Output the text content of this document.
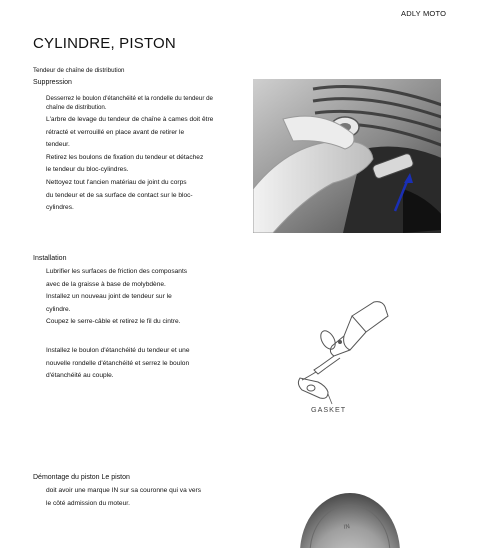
ADLY MOTO
CYLINDRE, PISTON
Tendeur de chaîne de distribution
Suppression

Desserrez le boulon d'étanchéité et la rondelle du tendeur de

chaîne de distribution.

L'arbre de levage du tendeur de chaîne à cames doit être

rétracté et verrouillé en place avant de retirer le

tendeur.

Retirez les boulons de fixation du tendeur et détachez

le tendeur du bloc-cylindres.

Nettoyez tout l'ancien matériau de joint du corps

du tendeur et de sa surface de contact sur le bloc-

cylindres.

Installation

Lubrifier les surfaces de friction des composants

avec de la graisse à base de molybdène.

Installez un nouveau joint de tendeur sur le

cylindre.

Coupez le serre-câble et retirez le fil du cintre.

Installez le boulon d'étanchéité du tendeur et une

nouvelle rondelle d'étanchéité et serrez le boulon

d'étanchéité au couple.

GASKET
Démontage du piston Le piston

doit avoir une marque IN sur sa couronne qui va vers

le côté admission du moteur.

IN
